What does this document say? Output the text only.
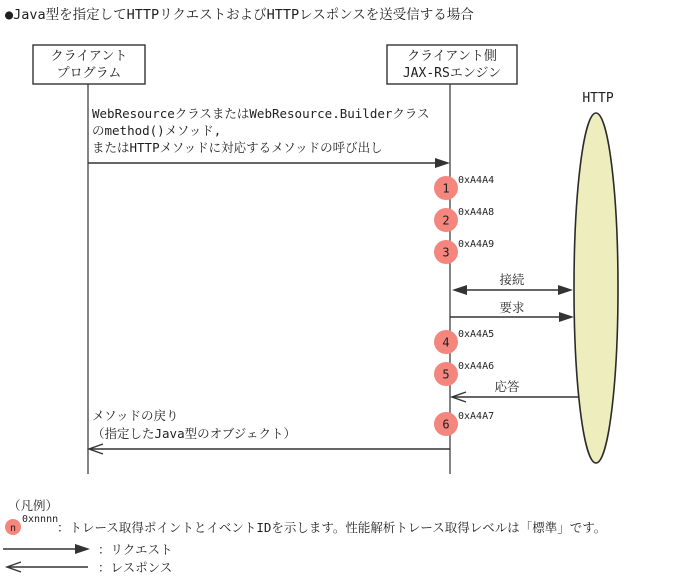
●Java型を指定してHTTPリクエストおよびHTTPレスポンスを送受信する場合
クライアント
プログラム
クライアント側
JAX-RSエンジン
HTTP
WebResourceクラスまたはWebResource.Builderクラス
のmethod()メソッド,
またはHTTPメソッドに対応するメソッドの呼び出し
1
0xA4A4
2
0xA4A8
3
0xA4A9
接続
要求
4
0xA4A5
5
0xA4A6
応答
6
0xA4A7
メソッドの戻り
（指定したJava型のオブジェクト）
（凡例）
n
0xnnnn
：トレース取得ポイントとイベントIDを示します。性能解析トレース取得レベルは「標準」です。
：リクエスト
：レスポンス
